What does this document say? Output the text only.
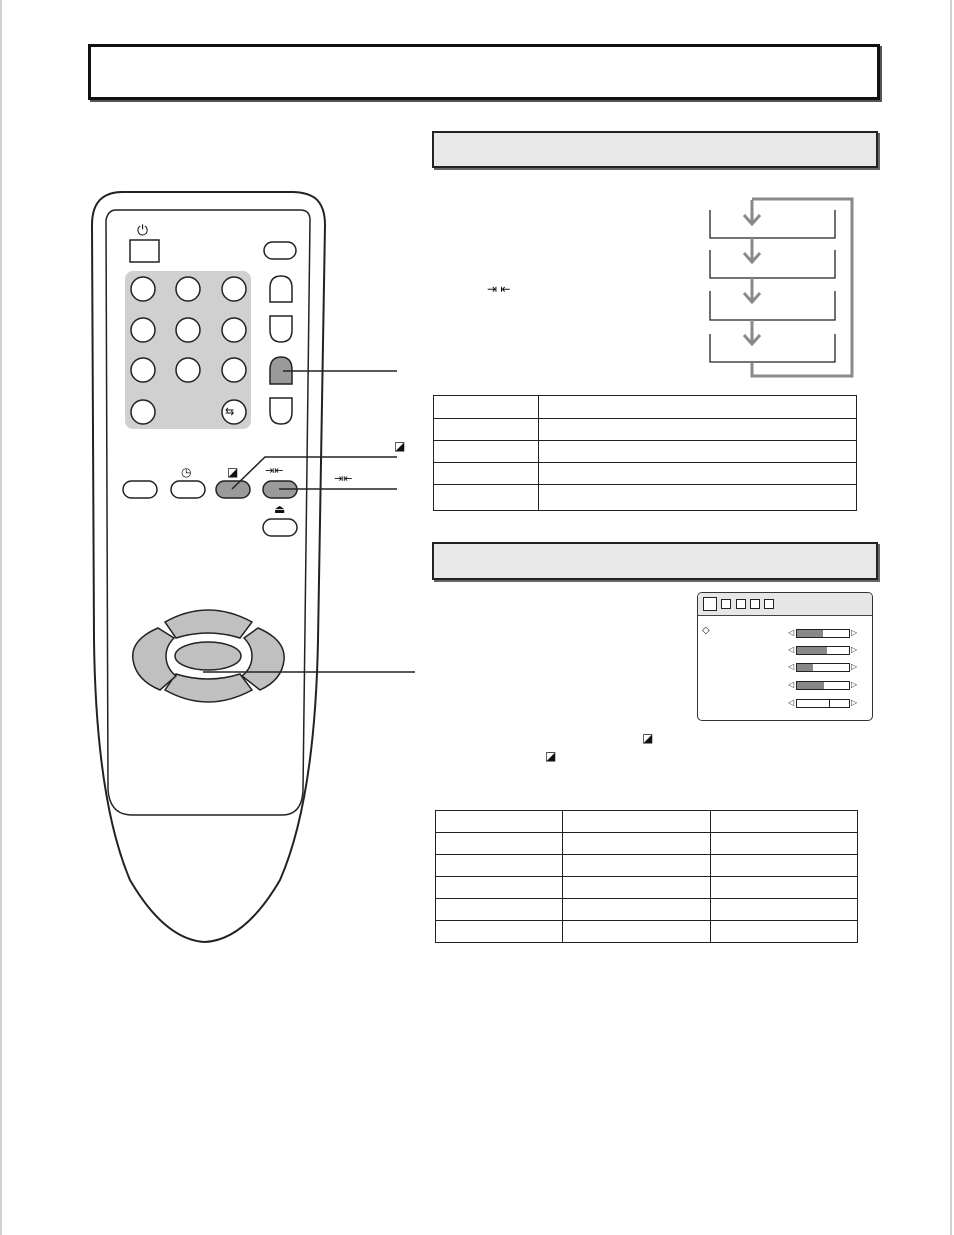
⏻
◷	◪ ⇥⇤
⇆
⏏
◪
⇥⇤
⇥ ⇤

◇	◁	▷
◁	▷
◁	▷
◁	▷
◁	▷
◪
◪
